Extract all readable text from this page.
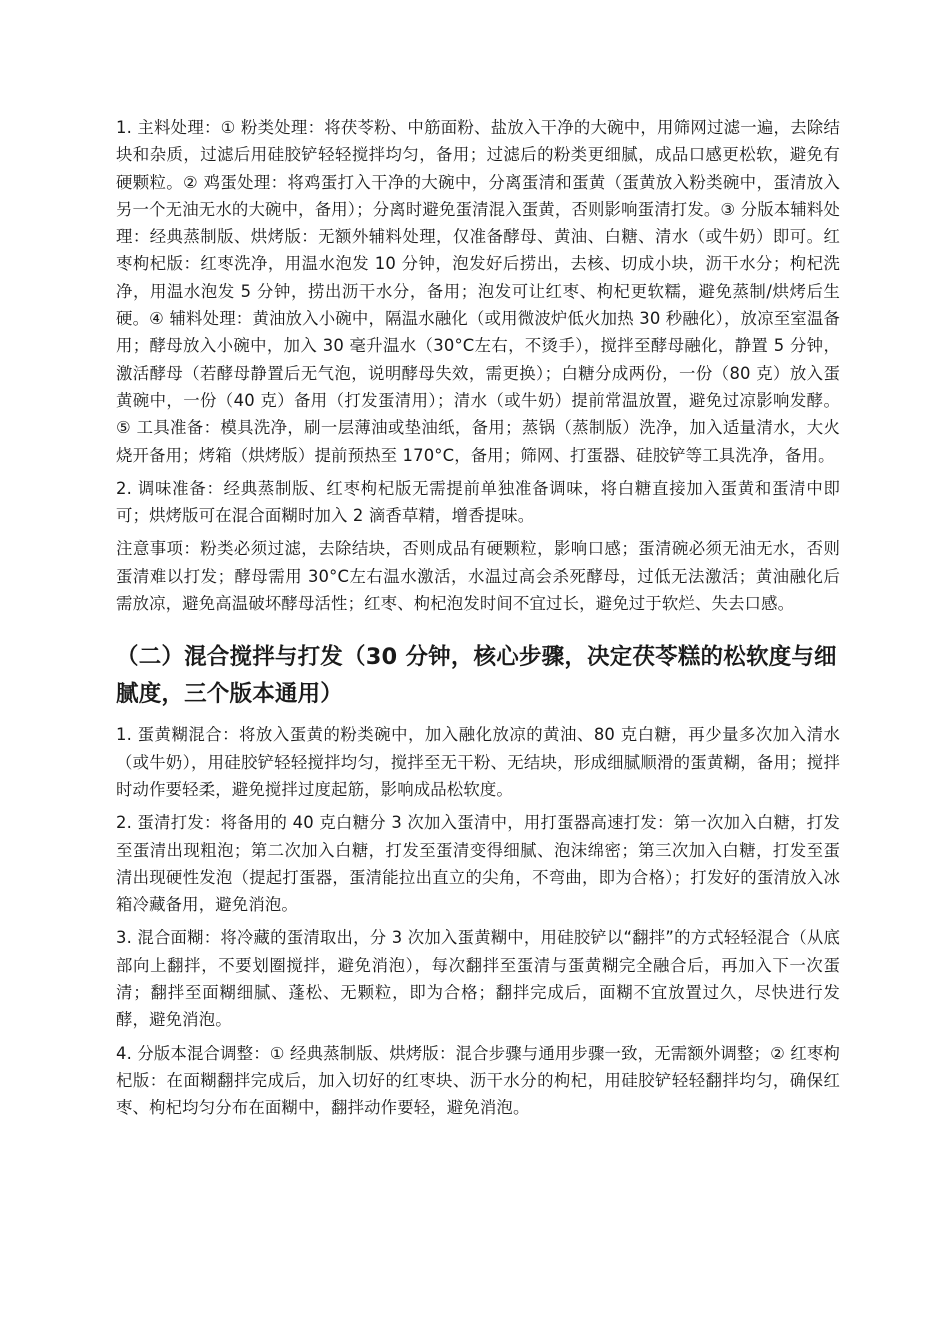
1. 主料处理：① 粉类处理：将茯苓粉、中筋面粉、盐放入干净的大碗中，用筛网过滤一遍，去除结块和杂质，过滤后用硅胶铲轻轻搅拌均匀，备用；过滤后的粉类更细腻，成品口感更松软，避免有硬颗粒。② 鸡蛋处理：将鸡蛋打入干净的大碗中，分离蛋清和蛋黄（蛋黄放入粉类碗中，蛋清放入另一个无油无水的大碗中，备用）；分离时避免蛋清混入蛋黄，否则影响蛋清打发。③ 分版本辅料处理：经典蒸制版、烘烤版：无额外辅料处理，仅准备酵母、黄油、白糖、清水（或牛奶）即可。红枣枸杞版：红枣洗净，用温水泡发 10 分钟，泡发好后捞出，去核、切成小块，沥干水分；枸杞洗净，用温水泡发 5 分钟，捞出沥干水分，备用；泡发可让红枣、枸杞更软糯，避免蒸制/烘烤后生硬。④ 辅料处理：黄油放入小碗中，隔温水融化（或用微波炉低火加热 30 秒融化），放凉至室温备用；酵母放入小碗中，加入 30 毫升温水（30°C左右，不烫手），搅拌至酵母融化，静置 5 分钟，激活酵母（若酵母静置后无气泡，说明酵母失效，需更换）；白糖分成两份，一份（80 克）放入蛋黄碗中，一份（40 克）备用（打发蛋清用）；清水（或牛奶）提前常温放置，避免过凉影响发酵。⑤ 工具准备：模具洗净，刷一层薄油或垫油纸，备用；蒸锅（蒸制版）洗净，加入适量清水，大火烧开备用；烤箱（烘烤版）提前预热至 170°C，备用；筛网、打蛋器、硅胶铲等工具洗净，备用。

2. 调味准备：经典蒸制版、红枣枸杞版无需提前单独准备调味，将白糖直接加入蛋黄和蛋清中即可；烘烤版可在混合面糊时加入 2 滴香草精，增香提味。

注意事项：粉类必须过滤，去除结块，否则成品有硬颗粒，影响口感；蛋清碗必须无油无水，否则蛋清难以打发；酵母需用 30°C左右温水激活，水温过高会杀死酵母，过低无法激活；黄油融化后需放凉，避免高温破坏酵母活性；红枣、枸杞泡发时间不宜过长，避免过于软烂、失去口感。

（二）混合搅拌与打发（30 分钟，核心步骤，决定茯苓糕的松软度与细腻度，三个版本通用）

1. 蛋黄糊混合：将放入蛋黄的粉类碗中，加入融化放凉的黄油、80 克白糖，再少量多次加入清水（或牛奶），用硅胶铲轻轻搅拌均匀，搅拌至无干粉、无结块，形成细腻顺滑的蛋黄糊，备用；搅拌时动作要轻柔，避免搅拌过度起筋，影响成品松软度。

2. 蛋清打发：将备用的 40 克白糖分 3 次加入蛋清中，用打蛋器高速打发：第一次加入白糖，打发至蛋清出现粗泡；第二次加入白糖，打发至蛋清变得细腻、泡沫绵密；第三次加入白糖，打发至蛋清出现硬性发泡（提起打蛋器，蛋清能拉出直立的尖角，不弯曲，即为合格）；打发好的蛋清放入冰箱冷藏备用，避免消泡。

3. 混合面糊：将冷藏的蛋清取出，分 3 次加入蛋黄糊中，用硅胶铲以“翻拌”的方式轻轻混合（从底部向上翻拌，不要划圈搅拌，避免消泡），每次翻拌至蛋清与蛋黄糊完全融合后，再加入下一次蛋清；翻拌至面糊细腻、蓬松、无颗粒，即为合格；翻拌完成后，面糊不宜放置过久，尽快进行发酵，避免消泡。

4. 分版本混合调整：① 经典蒸制版、烘烤版：混合步骤与通用步骤一致，无需额外调整；② 红枣枸杞版：在面糊翻拌完成后，加入切好的红枣块、沥干水分的枸杞，用硅胶铲轻轻翻拌均匀，确保红枣、枸杞均匀分布在面糊中，翻拌动作要轻，避免消泡。
